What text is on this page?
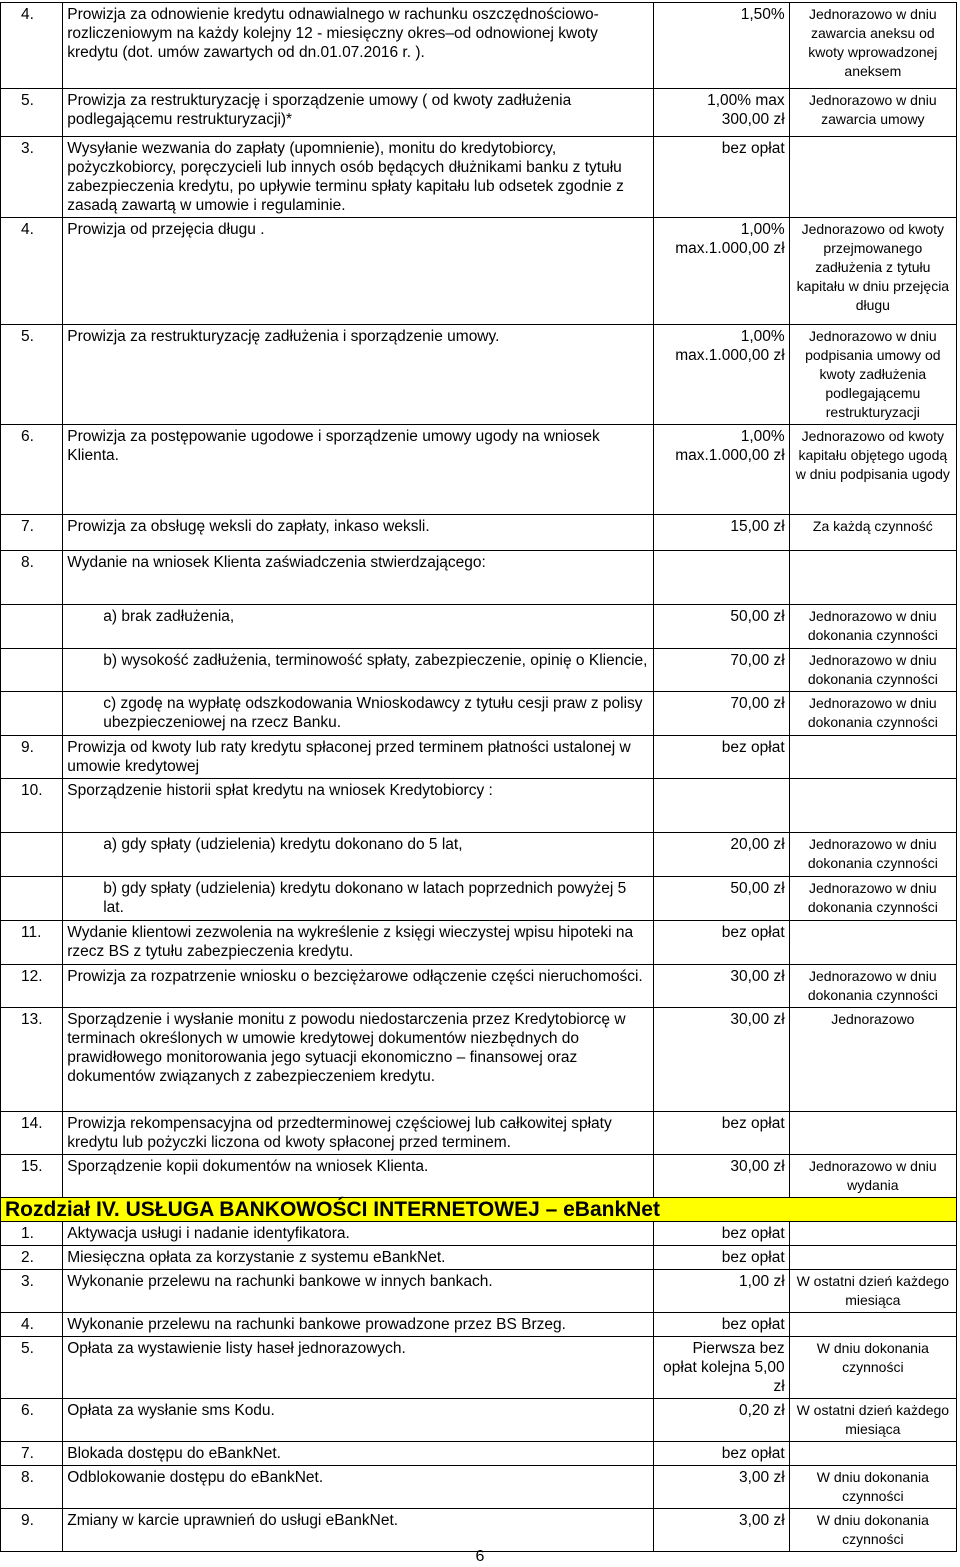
4.	Prowizja za odnowienie kredytu odnawialnego w rachunku oszczędnościowo-rozliczeniowym na każdy kolejny 12 - miesięczny okres–od odnowionej kwoty kredytu (dot. umów zawartych od dn.01.07.2016 r. ).	1,50%	Jednorazowo w dniu zawarcia aneksu od kwoty wprowadzonej aneksem
5.	Prowizja za restrukturyzację i sporządzenie umowy ( od kwoty zadłużenia podlegającemu restrukturyzacji)*	1,00% max 300,00 zł	Jednorazowo w dniu zawarcia umowy
3.	Wysyłanie wezwania do zapłaty (upomnienie), monitu do kredytobiorcy, pożyczkobiorcy, poręczycieli lub innych osób będących dłużnikami banku z tytułu zabezpieczenia kredytu, po upływie terminu spłaty kapitału lub odsetek zgodnie z zasadą zawartą w umowie i regulaminie.	bez opłat	
4.	Prowizja od przejęcia długu .	1,00% max.1.000,00 zł	Jednorazowo od kwoty przejmowanego zadłużenia z tytułu kapitału w dniu przejęcia długu
5.	Prowizja za restrukturyzację zadłużenia i sporządzenie umowy.	1,00% max.1.000,00 zł	Jednorazowo w dniu podpisania umowy od kwoty zadłużenia podlegającemu restrukturyzacji
6.	Prowizja za postępowanie ugodowe i sporządzenie umowy ugody na wniosek Klienta.	1,00% max.1.000,00 zł	Jednorazowo od kwoty kapitału objętego ugodą w dniu podpisania ugody
7.	Prowizja za obsługę weksli do zapłaty, inkaso weksli.	15,00 zł	Za każdą czynność
8.	Wydanie na wniosek Klienta zaświadczenia stwierdzającego:		
	a) brak zadłużenia,	50,00 zł	Jednorazowo w dniu dokonania czynności
	b) wysokość zadłużenia, terminowość spłaty, zabezpieczenie, opinię o Kliencie,	70,00 zł	Jednorazowo w dniu dokonania czynności
	c) zgodę na wypłatę odszkodowania Wnioskodawcy z tytułu cesji praw z polisy ubezpieczeniowej na rzecz Banku.	70,00 zł	Jednorazowo w dniu dokonania czynności
9.	Prowizja od kwoty lub raty kredytu spłaconej przed terminem płatności ustalonej w umowie kredytowej	bez opłat	
10.	Sporządzenie historii spłat kredytu na wniosek Kredytobiorcy :		
	a) gdy spłaty (udzielenia) kredytu dokonano do 5 lat,	20,00 zł	Jednorazowo w dniu dokonania czynności
	b) gdy spłaty (udzielenia) kredytu dokonano w latach poprzednich powyżej 5 lat.	50,00 zł	Jednorazowo w dniu dokonania czynności
11.	Wydanie klientowi zezwolenia na wykreślenie z księgi wieczystej wpisu hipoteki na rzecz BS z tytułu zabezpieczenia kredytu.	bez opłat	
12.	Prowizja za rozpatrzenie wniosku o bezciężarowe odłączenie części nieruchomości.	30,00 zł	Jednorazowo w dniu dokonania czynności
13.	Sporządzenie i wysłanie monitu z powodu niedostarczenia przez Kredytobiorcę w terminach określonych w umowie kredytowej dokumentów niezbędnych do prawidłowego monitorowania jego sytuacji ekonomiczno – finansowej oraz dokumentów związanych z zabezpieczeniem kredytu.	30,00 zł	Jednorazowo
14.	Prowizja rekompensacyjna od przedterminowej częściowej lub całkowitej spłaty kredytu lub pożyczki liczona od kwoty spłaconej przed terminem.	bez opłat	
15.	Sporządzenie kopii dokumentów na wniosek Klienta.	30,00 zł	Jednorazowo w dniu wydania
Rozdział IV. USŁUGA BANKOWOŚCI INTERNETOWEJ – eBankNet			
1.	Aktywacja usługi i nadanie identyfikatora.	bez opłat	
2.	Miesięczna opłata za korzystanie z systemu eBankNet.	bez opłat	
3.	Wykonanie przelewu na rachunki bankowe w innych bankach.	1,00 zł	W ostatni dzień każdego miesiąca
4.	Wykonanie przelewu na rachunki bankowe prowadzone przez BS Brzeg.	bez opłat	
5.	Opłata za wystawienie listy haseł jednorazowych.	Pierwsza bez opłat kolejna 5,00 zł	W dniu dokonania czynności
6.	Opłata za wysłanie sms Kodu.	0,20 zł	W ostatni dzień każdego miesiąca
7.	Blokada dostępu do eBankNet.	bez opłat	
8.	Odblokowanie dostępu do eBankNet.	3,00 zł	W dniu dokonania czynności
9.	Zmiany w karcie uprawnień do usługi eBankNet.	3,00 zł	W dniu dokonania czynności
6
